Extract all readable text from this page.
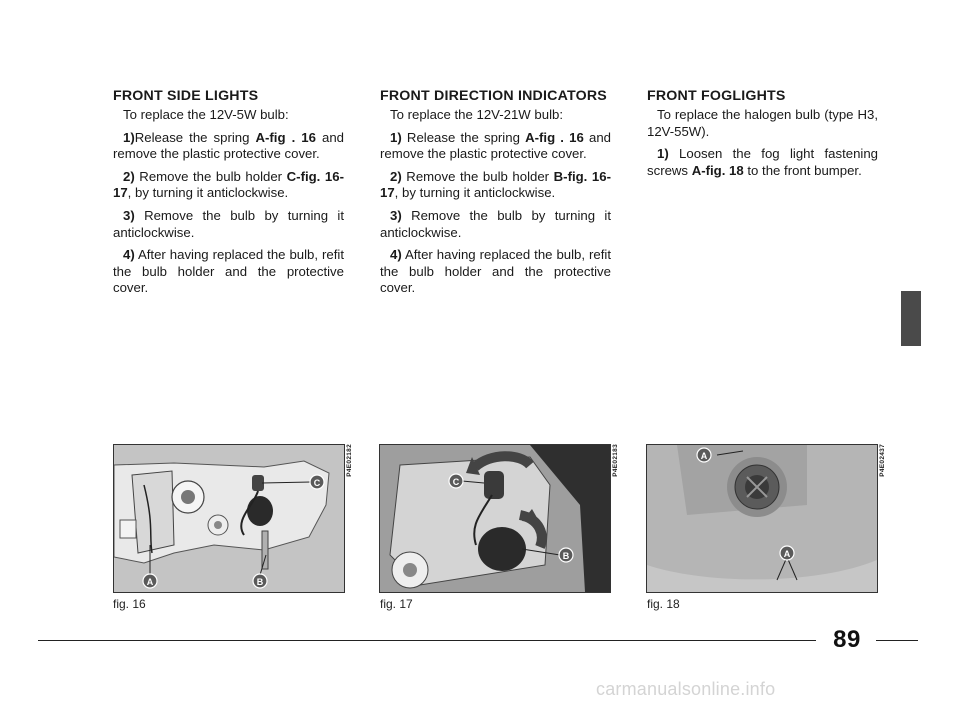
FRONT SIDE LIGHTS

To replace the 12V-5W bulb:

1)Release the spring A-fig . 16 and remove the plastic protective cover.

2) Remove the bulb holder C-fig. 16-17, by turning it anticlockwise.

3) Remove the bulb by turning it anticlockwise.

4) After having replaced the bulb, refit the bulb holder and the protective cover.

FRONT DIRECTION INDICATORS

To replace the 12V-21W bulb:

1) Release the spring A-fig . 16 and remove the plastic protective cover.

2) Remove the bulb holder B-fig. 16-17, by turning it anticlockwise.

3) Remove the bulb by turning it anticlockwise.

4) After having replaced the bulb, refit the bulb holder and the protective cover.

FRONT FOGLIGHTS

To replace the halogen bulb (type H3, 12V-55W).

1) Loosen the fog light fastening screws A-fig. 18 to the front bumper.

A	B
C
P4E02182
fig. 16
C
B
P4E02183
fig. 17
A
A
P4E02437
fig. 18
89
carmanualsonline.info
